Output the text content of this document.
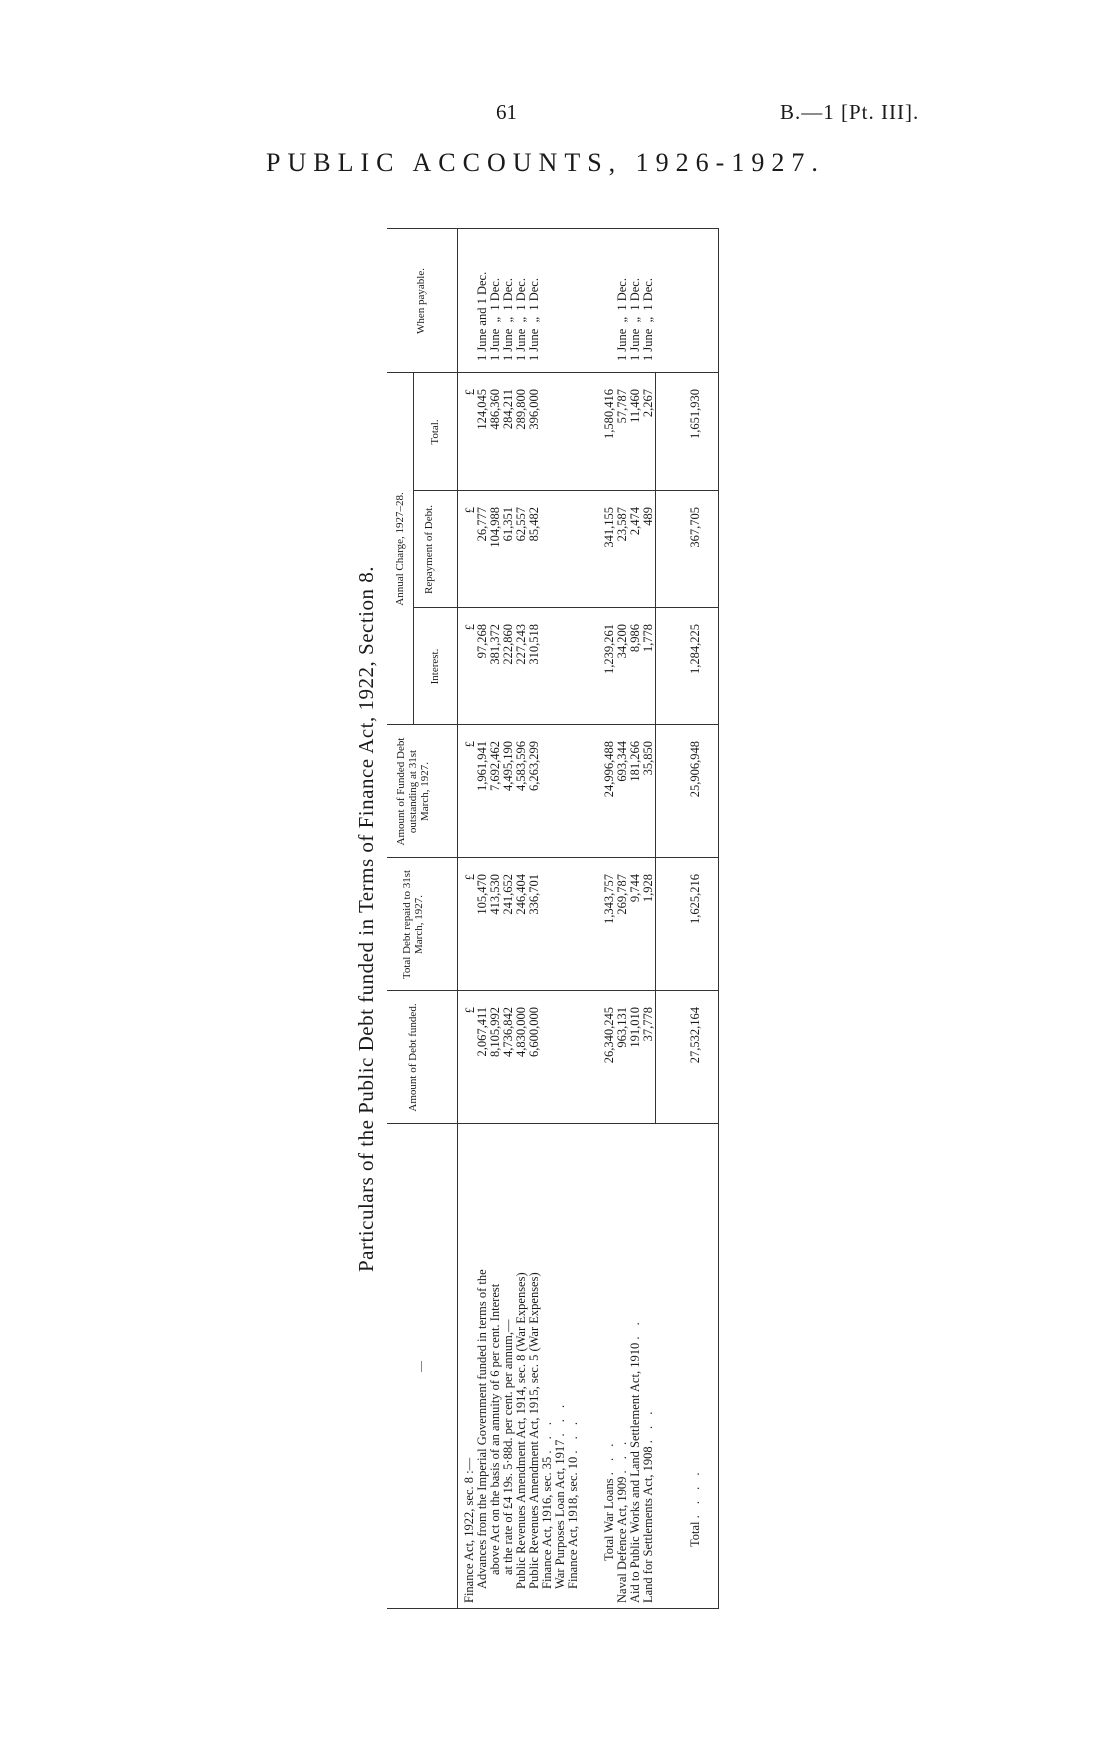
61	B.—1 [Pt. III].
PUBLIC ACCOUNTS, 1926-1927.
Particulars of the Public Debt funded in Terms of Finance Act, 1922, Section 8.
—
Amount of Debt funded.
Total Debt repaid to 31st March, 1927.
Amount of Funded Debt outstanding at 31st March, 1927.
Annual Charge, 1927–28.
Interest.
Repayment of Debt.
Total.
When payable.
£
£
£
£
£
£
Finance Act, 1922, sec. 8 :— Advances from the Imperial Government funded in terms of the above Act on the basis of an annuity of 6 per cent. Interest at the rate of £4 19s. 5·88d. per cent. per annum,— Public Revenues Amendment Act, 1914, sec. 8 (War Expenses)
2,067,411
105,470
1,961,941
97,268
26,777
124,045
1 June and 1 Dec.
Public Revenues Amendment Act, 1915, sec. 5 (War Expenses)
8,105,992
413,530
7,692,462
381,372
104,988
486,360
1 June  „  1 Dec.
Finance Act, 1916, sec. 35 . . .
4,736,842
241,652
4,495,190
222,860
61,351
284,211
1 June  „  1 Dec.
War Purposes Loan Act, 1917 . . .
4,830,000
246,404
4,583,596
227,243
62,557
289,800
1 June  „  1 Dec.
Finance Act, 1918, sec. 10 . . .
6,600,000
336,701
6,263,299
310,518
85,482
396,000
1 June  „  1 Dec.
Total War Loans . . .
26,340,245
1,343,757
24,996,488
1,239,261
341,155
1,580,416
Naval Defence Act, 1909 . . .
963,131
269,787
693,344
34,200
23,587
57,787
1 June  „  1 Dec.
Aid to Public Works and Land Settlement Act, 1910 . .
191,010
9,744
181,266
8,986
2,474
11,460
1 June  „  1 Dec.
Land for Settlements Act, 1908 . . .
37,778
1,928
35,850
1,778
489
2,267
1 June  „  1 Dec.
Total . . . .
27,532,164
1,625,216
25,906,948
1,284,225
367,705
1,651,930
